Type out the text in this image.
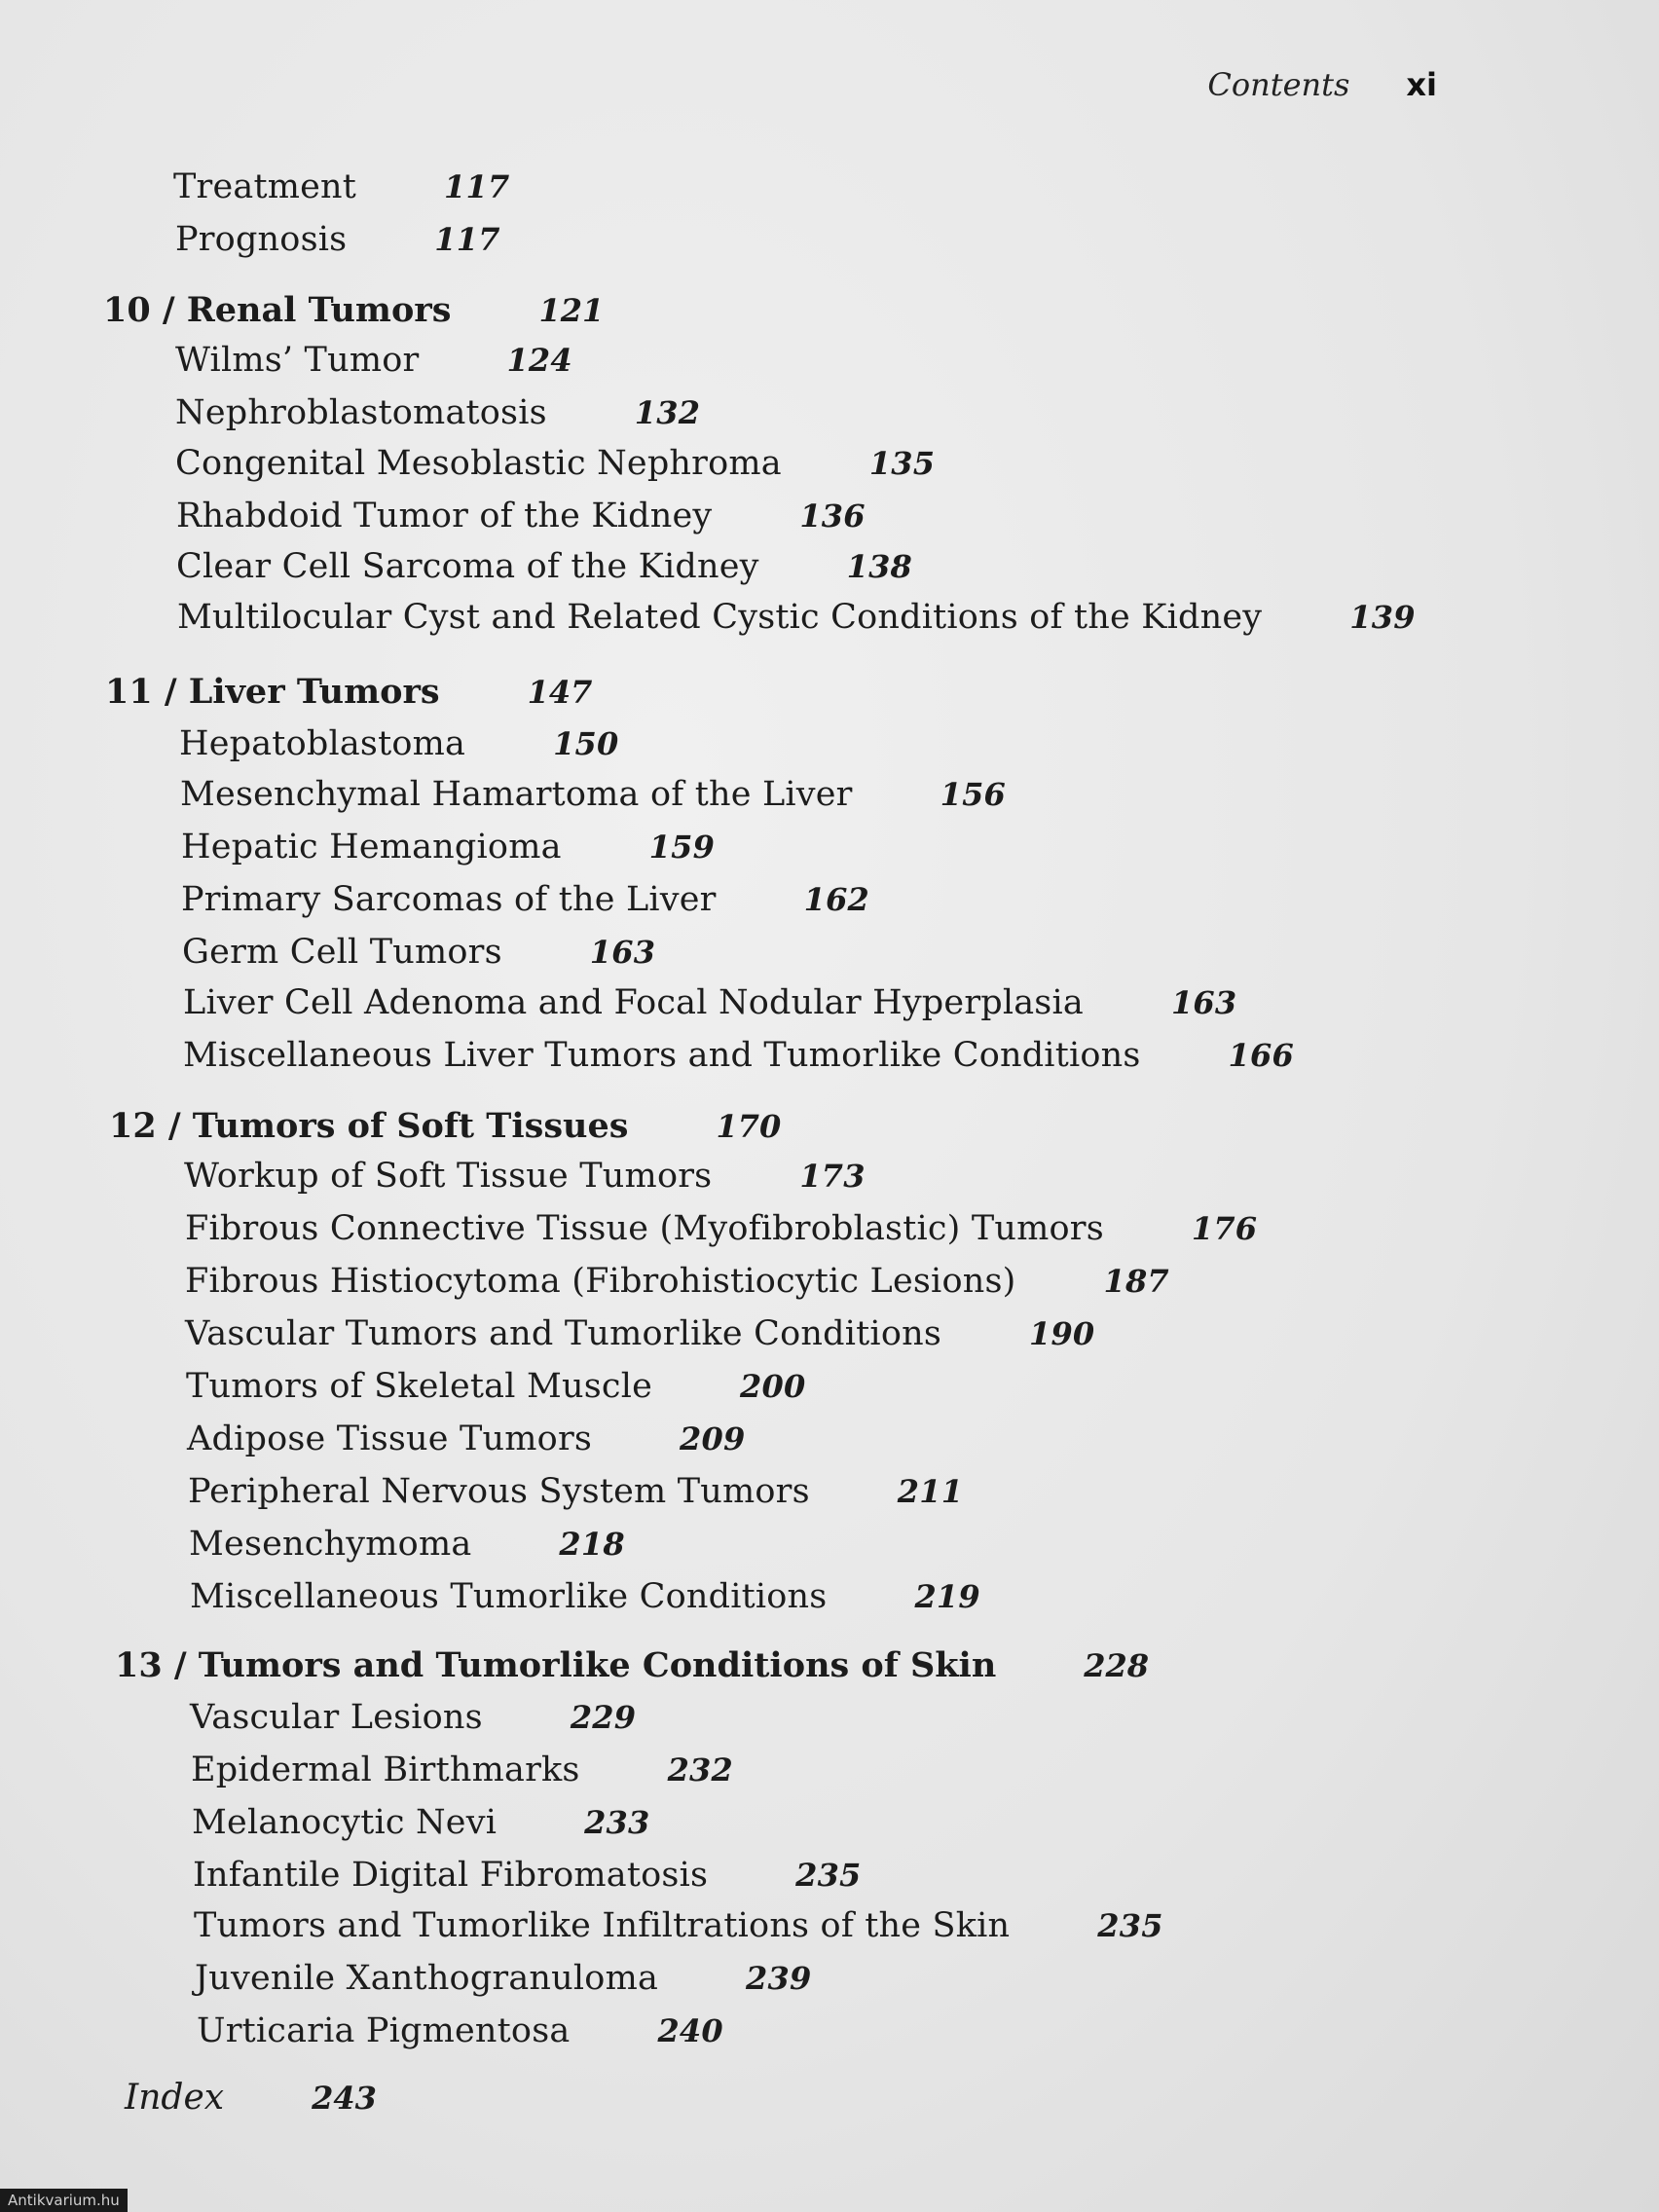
Contents xi
Treatment	117
Prognosis	117
10 / Renal Tumors	121
Wilms’ Tumor	124
Nephroblastomatosis	132
Congenital Mesoblastic Nephroma	135
Rhabdoid Tumor of the Kidney	136
Clear Cell Sarcoma of the Kidney	138
Multilocular Cyst and Related Cystic Conditions of the Kidney	139
11 / Liver Tumors	147
Hepatoblastoma	150
Mesenchymal Hamartoma of the Liver	156
Hepatic Hemangioma	159
Primary Sarcomas of the Liver	162
Germ Cell Tumors	163
Liver Cell Adenoma and Focal Nodular Hyperplasia	163
Miscellaneous Liver Tumors and Tumorlike Conditions	166
12 / Tumors of Soft Tissues	170
Workup of Soft Tissue Tumors	173
Fibrous Connective Tissue (Myofibroblastic) Tumors	176
Fibrous Histiocytoma (Fibrohistiocytic Lesions)	187
Vascular Tumors and Tumorlike Conditions	190
Tumors of Skeletal Muscle	200
Adipose Tissue Tumors	209
Peripheral Nervous System Tumors	211
Mesenchymoma	218
Miscellaneous Tumorlike Conditions	219
13 / Tumors and Tumorlike Conditions of Skin	228
Vascular Lesions	229
Epidermal Birthmarks	232
Melanocytic Nevi	233
Infantile Digital Fibromatosis	235
Tumors and Tumorlike Infiltrations of the Skin	235
Juvenile Xanthogranuloma	239
Urticaria Pigmentosa	240
Index	243
Antikvarium.hu
